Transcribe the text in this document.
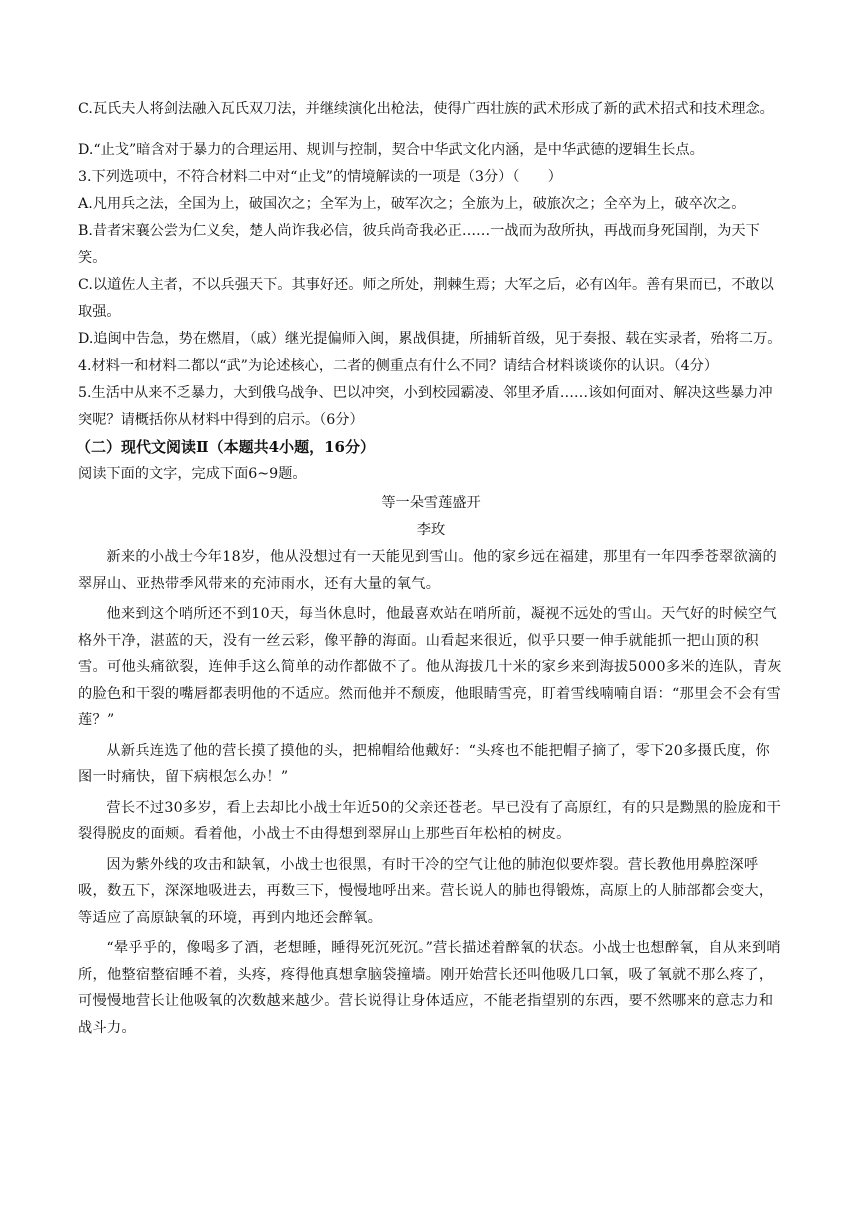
C.瓦氏夫人将剑法融入瓦氏双刀法，并继续演化出枪法，使得广西壮族的武术形成了新的武术招式和技术理念。

D.“止戈”暗含对于暴力的合理运用、规训与控制，契合中华武文化内涵，是中华武德的逻辑生长点。

3.下列选项中，不符合材料二中对“止戈”的情境解读的一项是（3分）（　　）

A.凡用兵之法，全国为上，破国次之；全军为上，破军次之；全旅为上，破旅次之；全卒为上，破卒次之。

B.昔者宋襄公尝为仁义矣，楚人尚诈我必信，彼兵尚奇我必正……一战而为敌所执，再战而身死国削，为天下笑。

C.以道佐人主者，不以兵强天下。其事好还。师之所处，荆棘生焉；大军之后，必有凶年。善有果而已，不敢以取强。

D.追闽中告急，势在燃眉，（戚）继光提偏师入闽，累战俱捷，所捕斩首级，见于奏报、载在实录者，殆将二万。

4.材料一和材料二都以“武”为论述核心，二者的侧重点有什么不同？请结合材料谈谈你的认识。（4分）

5.生活中从来不乏暴力，大到俄乌战争、巴以冲突，小到校园霸凌、邻里矛盾……该如何面对、解决这些暴力冲突呢？请概括你从材料中得到的启示。（6分）

（二）现代文阅读Ⅱ（本题共4小题，16分）

阅读下面的文字，完成下面6~9题。

等一朵雪莲盛开

李玫

新来的小战士今年18岁，他从没想过有一天能见到雪山。他的家乡远在福建，那里有一年四季苍翠欲滴的翠屏山、亚热带季风带来的充沛雨水，还有大量的氧气。

他来到这个哨所还不到10天，每当休息时，他最喜欢站在哨所前，凝视不远处的雪山。天气好的时候空气格外干净，湛蓝的天，没有一丝云彩，像平静的海面。山看起来很近，似乎只要一伸手就能抓一把山顶的积雪。可他头痛欲裂，连伸手这么简单的动作都做不了。他从海拔几十米的家乡来到海拔5000多米的连队，青灰的脸色和干裂的嘴唇都表明他的不适应。然而他并不颓废，他眼睛雪亮，盯着雪线喃喃自语：“那里会不会有雪莲？”

从新兵连选了他的营长摸了摸他的头，把棉帽给他戴好：“头疼也不能把帽子摘了，零下20多摄氏度，你图一时痛快，留下病根怎么办！”

营长不过30多岁，看上去却比小战士年近50的父亲还苍老。早已没有了高原红，有的只是黝黑的脸庞和干裂得脱皮的面颊。看着他，小战士不由得想到翠屏山上那些百年松柏的树皮。

因为紫外线的攻击和缺氧，小战士也很黑，有时干冷的空气让他的肺泡似要炸裂。营长教他用鼻腔深呼吸，数五下，深深地吸进去，再数三下，慢慢地呼出来。营长说人的肺也得锻炼，高原上的人肺部都会变大，等适应了高原缺氧的环境，再到内地还会醉氧。

“晕乎乎的，像喝多了酒，老想睡，睡得死沉死沉。”营长描述着醉氧的状态。小战士也想醉氧，自从来到哨所，他整宿整宿睡不着，头疼，疼得他真想拿脑袋撞墙。刚开始营长还叫他吸几口氧，吸了氧就不那么疼了，可慢慢地营长让他吸氧的次数越来越少。营长说得让身体适应，不能老指望别的东西，要不然哪来的意志力和战斗力。
